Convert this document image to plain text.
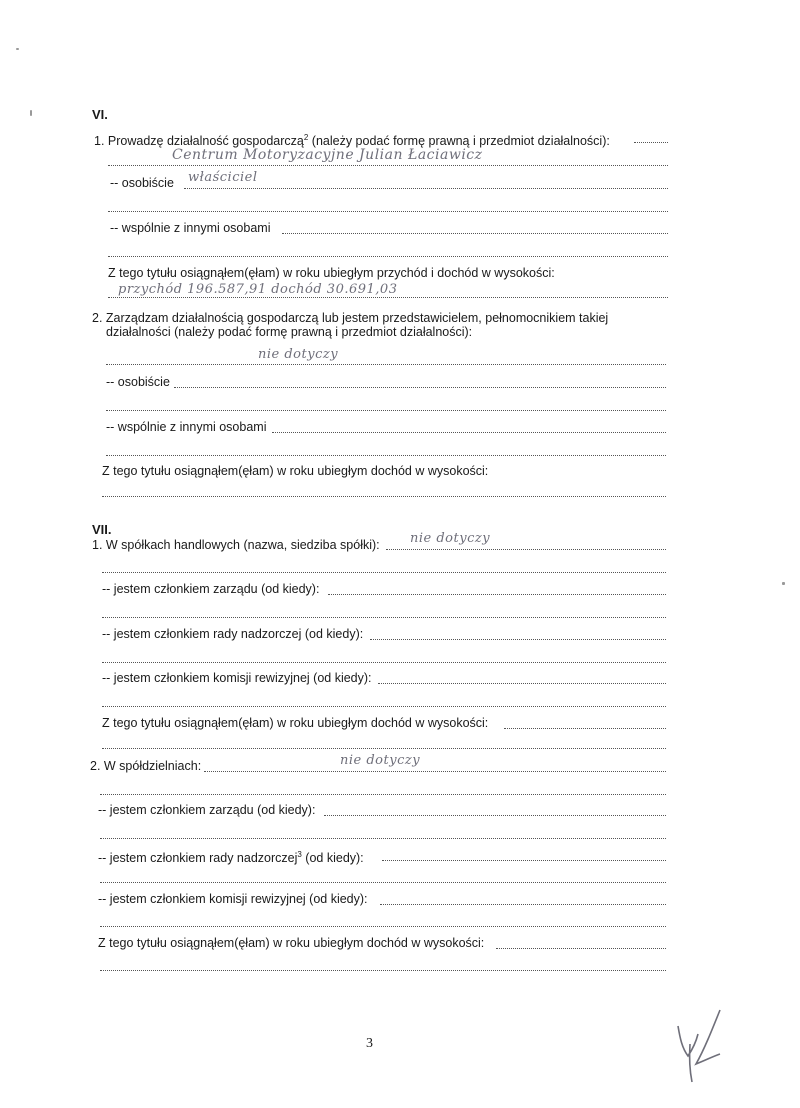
VI.
1. Prowadzę działalność gospodarczą$^2$ (należy podać formę prawną i przedmiot działalności):
Centrum Motoryzacyjne Julian Łaciawicz
-- osobiście właściciel
-- wspólnie z innymi osobami
Z tego tytułu osiągnąłem(ęłam) w roku ubiegłym przychód i dochód w wysokości:
przychód 196.587,91 dochód 30.691,03
2. Zarządzam działalnością gospodarczą lub jestem przedstawicielem, pełnomocnikiem takiej
działalności (należy podać formę prawną i przedmiot działalności):
nie dotyczy
-- osobiście
-- wspólnie z innymi osobami
Z tego tytułu osiągnąłem(ęłam) w roku ubiegłym dochód w wysokości:
VII.
1. W spółkach handlowych (nazwa, siedziba spółki): nie dotyczy
-- jestem członkiem zarządu (od kiedy):
-- jestem członkiem rady nadzorczej (od kiedy):
-- jestem członkiem komisji rewizyjnej (od kiedy):
Z tego tytułu osiągnąłem(ęłam) w roku ubiegłym dochód w wysokości:
2. W spółdzielniach:	nie dotyczy
-- jestem członkiem zarządu (od kiedy):
-- jestem członkiem rady nadzorczej$^3$ (od kiedy):
-- jestem członkiem komisji rewizyjnej (od kiedy):
Z tego tytułu osiągnąłem(ęłam) w roku ubiegłym dochód w wysokości:
3
